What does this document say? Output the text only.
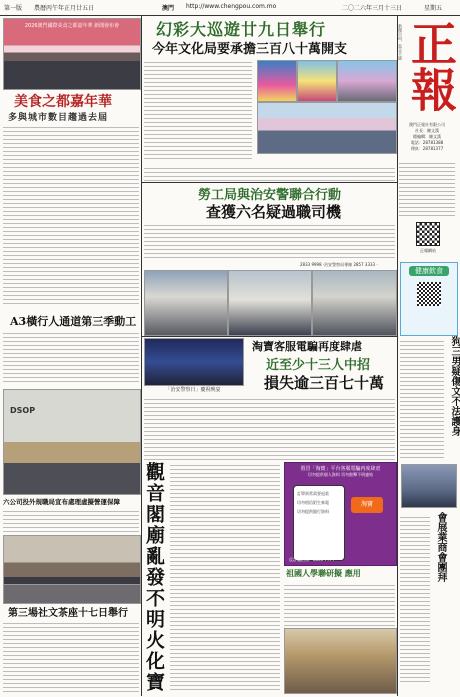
第一版 農曆丙午年正月廿五日	澳門 http://www.chengpou.com.mo	二〇二六年三月十三日	星期五
正報
新聞自由，直言不諱
澳門正報社有限公司
社長：陳文漢
總編輯：陳文漢
電話：28781388
傳真：28781377
正報網站
健康飲食
狗三男疑傷文不法護身
會展業商會團拜
2026澳門國際美食之都嘉年華 新聞發布會
美食之都嘉年華
多與城市數目趨過去屆
A3橫行人通道第三季動工
DSOP
六公司投外規職局宣布處理虛擬營運保障
第三場社文茶座十七日舉行
幻彩大巡遊廿九日舉行
今年文化局要承擔三百八十萬開支
勞工局與治安警聯合行動
查獲六名疑過職司機
2833 9998 ·治安警察局專線 2857 3333 ·
「治安警察日」慶祝晚宴
淘寶客服電騙再度肆虐
近至少十三人中招
損失逾三百七十萬
觀音閣廟亂發不明火化寶	假冒「淘寶」平台客服電騙再度肆虐
切勿提供個人資料 切勿點擊不明連結
訂單異常需要退款
切勿相信陌生來電
切勿提供銀行資料
淘寶
反詐騙熱線：8800 7777
祖國人學聯研擬 應用
